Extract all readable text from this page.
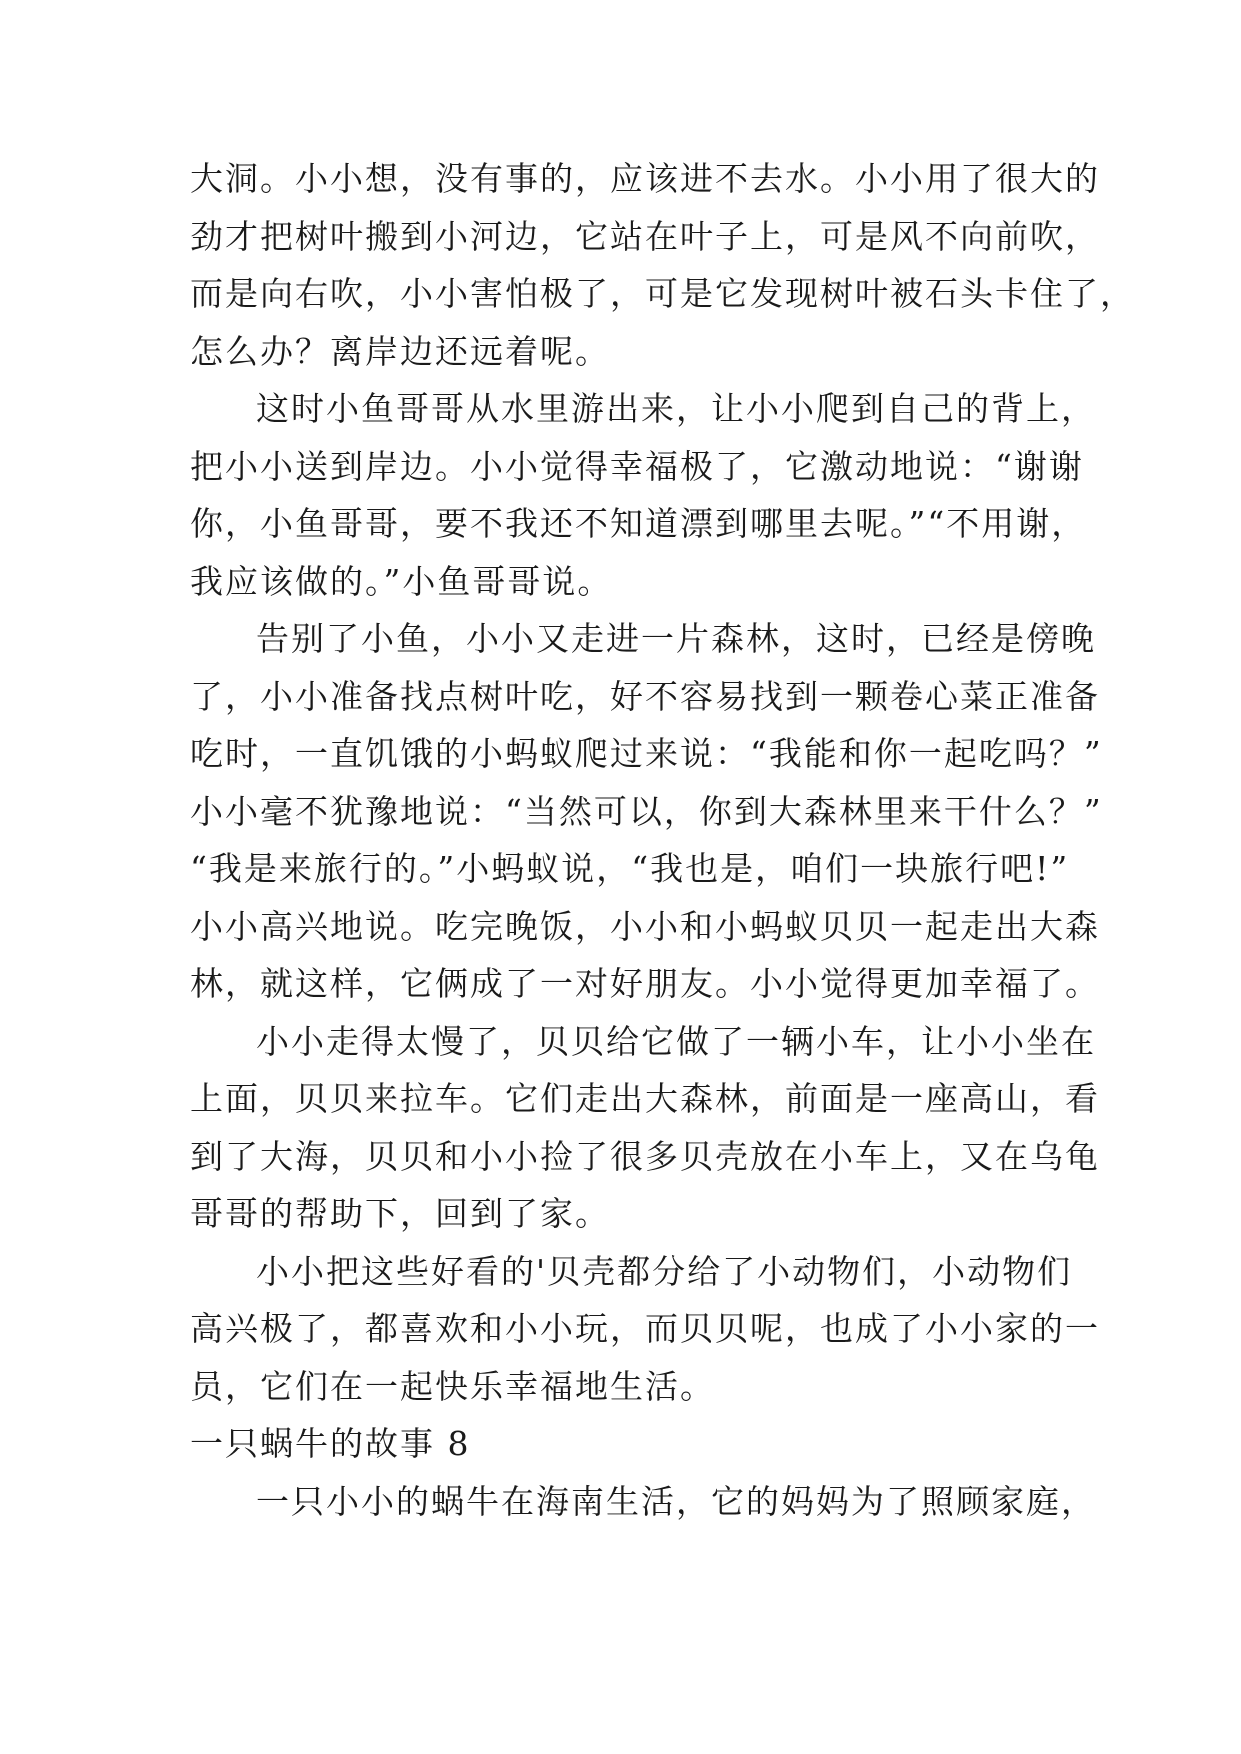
大洞。小小想，没有事的，应该进不去水。小小用了很大的
劲才把树叶搬到小河边，它站在叶子上，可是风不向前吹，
而是向右吹，小小害怕极了，可是它发现树叶被石头卡住了，
怎么办？离岸边还远着呢。
这时小鱼哥哥从水里游出来，让小小爬到自己的背上，
把小小送到岸边。小小觉得幸福极了，它激动地说：“谢谢
你，小鱼哥哥，要不我还不知道漂到哪里去呢。”“不用谢，
我应该做的。”小鱼哥哥说。
告别了小鱼，小小又走进一片森林，这时，已经是傍晚
了，小小准备找点树叶吃，好不容易找到一颗卷心菜正准备
吃时，一直饥饿的小蚂蚁爬过来说：“我能和你一起吃吗？”
小小毫不犹豫地说：“当然可以，你到大森林里来干什么？”
“我是来旅行的。”小蚂蚁说，“我也是，咱们一块旅行吧!”
小小高兴地说。吃完晚饭，小小和小蚂蚁贝贝一起走出大森
林，就这样，它俩成了一对好朋友。小小觉得更加幸福了。
小小走得太慢了，贝贝给它做了一辆小车，让小小坐在
上面，贝贝来拉车。它们走出大森林，前面是一座高山，看
到了大海，贝贝和小小捡了很多贝壳放在小车上，又在乌龟
哥哥的帮助下，回到了家。
小小把这些好看的'贝壳都分给了小动物们，小动物们
高兴极了，都喜欢和小小玩，而贝贝呢，也成了小小家的一
员，它们在一起快乐幸福地生活。
一只蜗牛的故事 8
一只小小的蜗牛在海南生活，它的妈妈为了照顾家庭，
